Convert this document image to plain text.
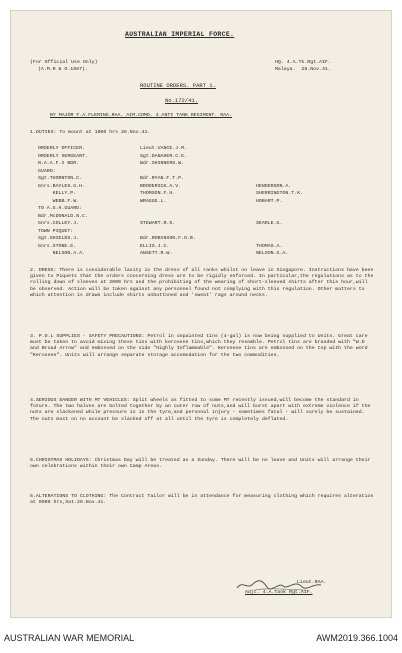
AUSTRALIAN IMPERIAL FORCE.
(For Official Use Only)
(A.M.R & O.1587).
HQ. 4.A.Tk.Rgt.AIF.
Malaya.  28.Nov.41.
ROUTINE ORDERS. PART 1.
No.172/41.
BY MAJOR F.A.FLEMING.RAA. AIM.COMD. 4.ANTI TANK REGIMENT. RAA.
1.DUTIES: To mount at 1800 hrs 28.Nov.41.
ORDERLY OFFICER.	Lieut.VANCE.J.M.
ORDERLY SERGEANT.	Sgt.DANAHER.C.E.
N.A.A.F.I BDR.	Bdr.SHINNERS.W.
GUARD:
Sgt.THORNTON.C.	Bdr.RYAN.F.T.P.
Gnrs.BAYLES.G.H.	BRODERICK.A.V.	HENDERSON.A.
KELLY.P.	THOMSON.F.H.	SHERRINGTON.T.K.
WEBB.F.W.	WRAGGE.L.	HOBART.P.
TO A.G.H.GUARD:
Bdr.McDONALD.N.C.
Gnrs.COLLEY.J.	STEWART.R.S.	SEARLE.G.
TOWN PIQUET:
Sgt.SHIELDS.J.	Bdr.ROBINSON.F.O.B.
Gnrs.STONE.E.	ELLIS.J.C.	THOMAS.A.
NELSON.A.A.	ANSETT.R.W.	NELSON.G.A.
2. DRESS: There is considerable laxity in the dress of all ranks whilst on leave in Singapore. Instructions have been given to Piquets that the orders concerning dress are to be rigidly enforced. In particular,the regulations as to the rolling down of sleeves at 2000 hrs and the prohibiting of the wearing of short-sleeved shirts after this hour,will be observed. Action will be taken against any personnel found not complying with this regulation. Other matters to which attention is drawn include shirts unbuttoned and 'sweat' rags around necks.
3. P.O.L SUPPLIES - SAFETY PRECAUTIONS: Petrol in unpainted tins (4-gal) is now being supplied to Units. Great care must be taken to avoid mixing these tins with kerosene tins,which they resemble. Petrol tins are branded with "W.D and Broad Arrow" and embossed on the side "Highly Inflammable". Kerosene tins are embossed on the top with the word "Kerosene". Units will arrange separate storage accomodation for the two commodities.
4.SERIOUS DANGER WITH MT VEHICLES: Split wheels as fitted to some MT recently issued,will become the standard in future. The two halves are bolted together by an outer row of nuts,and will burst apart with extreme violence if the nuts are slackened while pressure is in the tyre,and personal injury - sometimes fatal - will surely be sustained. The nuts must on no account be slacked off at all until the tyre is completely deflated.
5.CHRISTMAS HOLIDAYS: Christmas Day will be treated as a Sunday. There will be no leave and Units will arrange their own celebrations within their own Camp Areas.
6.ALTERATIONS TO CLOTHING: The Contract Tailor will be in attendance for measuring clothing which requires alteration at 0900 hrs,Sat.29.Nov.41.
Lieut.RAA.
Adjt. 4.A.Tank Rgt.AIF.
AUSTRALIAN WAR MEMORIAL	AWM2019.366.1004
